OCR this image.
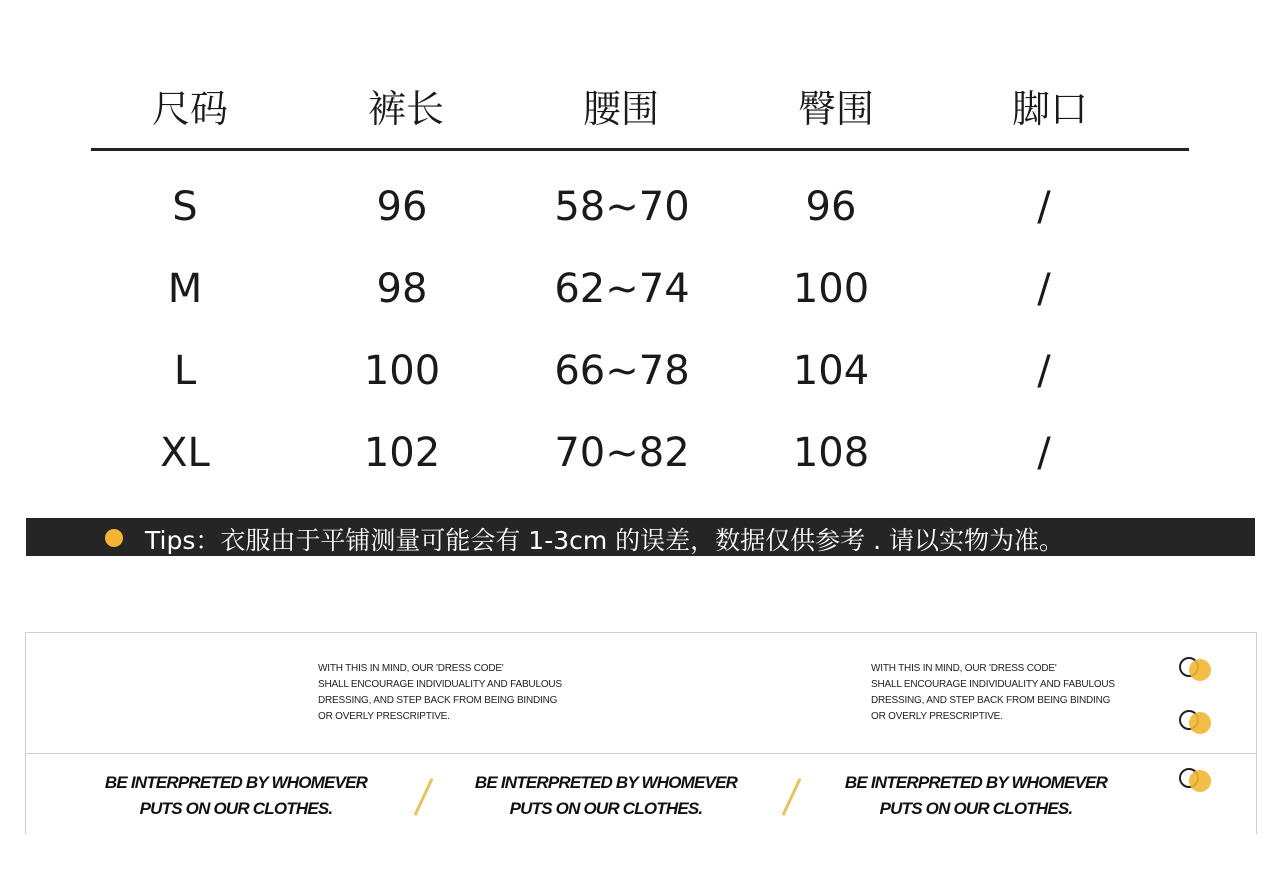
尺码	裤长	腰围	臀围	脚口
S	96	58~70	96	/
M	98	62~74	100	/
L	100	66~78	104	/
XL	102	70~82	108	/
Tips：衣服由于平铺测量可能会有 1-3cm 的误差，数据仅供参考 . 请以实物为准。
WITH THIS IN MIND, OUR 'DRESS CODE'
SHALL ENCOURAGE INDIVIDUALITY AND FABULOUS
DRESSING, AND STEP BACK FROM BEING BINDING
OR OVERLY PRESCRIPTIVE.
WITH THIS IN MIND, OUR 'DRESS CODE'
SHALL ENCOURAGE INDIVIDUALITY AND FABULOUS
DRESSING, AND STEP BACK FROM BEING BINDING
OR OVERLY PRESCRIPTIVE.
BE INTERPRETED BY WHOMEVER
PUTS ON OUR CLOTHES.
BE INTERPRETED BY WHOMEVER
PUTS ON OUR CLOTHES.
BE INTERPRETED BY WHOMEVER
PUTS ON OUR CLOTHES.
